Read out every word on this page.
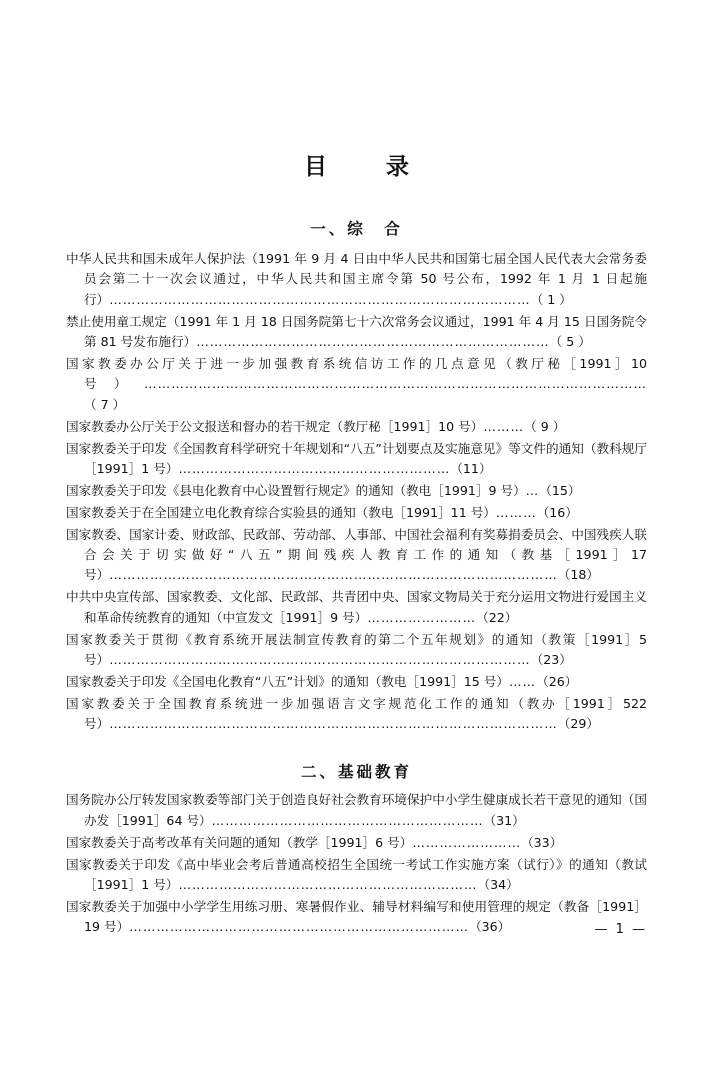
目　录
一、综　合
中华人民共和国未成年人保护法（1991 年 9 月 4 日由中华人民共和国第七届全国人民代表大会常务委员会第二十一次会议通过，中华人民共和国主席令第 50 号公布，1992 年 1 月 1 日起施行）…………………………………………………………………………………（ 1 ）
禁止使用童工规定（1991 年 1 月 18 日国务院第七十六次常务会议通过，1991 年 4 月 15 日国务院令第 81 号发布施行）……………………………………………………………………（ 5 ）
国家教委办公厅关于进一步加强教育系统信访工作的几点意见（教厅秘［1991］10 号）…………………………………………………………………………………………………（ 7 ）
国家教委办公厅关于公文报送和督办的若干规定（教厅秘［1991］10 号）………（ 9 ）
国家教委关于印发《全国教育科学研究十年规划和“八五”计划要点及实施意见》等文件的通知（教科规厅［1991］1 号）……………………………………………………（11）
国家教委关于印发《县电化教育中心设置暂行规定》的通知（教电［1991］9 号）…（15）
国家教委关于在全国建立电化教育综合实验县的通知（教电［1991］11 号）………（16）
国家教委、国家计委、财政部、民政部、劳动部、人事部、中国社会福利有奖募捐委员会、中国残疾人联合会关于切实做好“八五”期间残疾人教育工作的通知（教基［1991］17 号）………………………………………………………………………………………（18）
中共中央宣传部、国家教委、文化部、民政部、共青团中央、国家文物局关于充分运用文物进行爱国主义和革命传统教育的通知（中宣发文［1991］9 号）……………………（22）
国家教委关于贯彻《教育系统开展法制宣传教育的第二个五年规划》的通知（教策［1991］5 号）…………………………………………………………………………………（23）
国家教委关于印发《全国电化教育“八五”计划》的通知（教电［1991］15 号）……（26）
国家教委关于全国教育系统进一步加强语言文字规范化工作的通知（教办［1991］522 号）………………………………………………………………………………………（29）
二、基础教育
国务院办公厅转发国家教委等部门关于创造良好社会教育环境保护中小学生健康成长若干意见的通知（国办发［1991］64 号）……………………………………………………（31）
国家教委关于高考改革有关问题的通知（教学［1991］6 号）……………………（33）
国家教委关于印发《高中毕业会考后普通高校招生全国统一考试工作实施方案（试行）》的通知（教试［1991］1 号）…………………………………………………………（34）
国家教委关于加强中小学学生用练习册、寒暑假作业、辅导材料编写和使用管理的规定（教备［1991］19 号）…………………………………………………………………（36）	— 1 —
